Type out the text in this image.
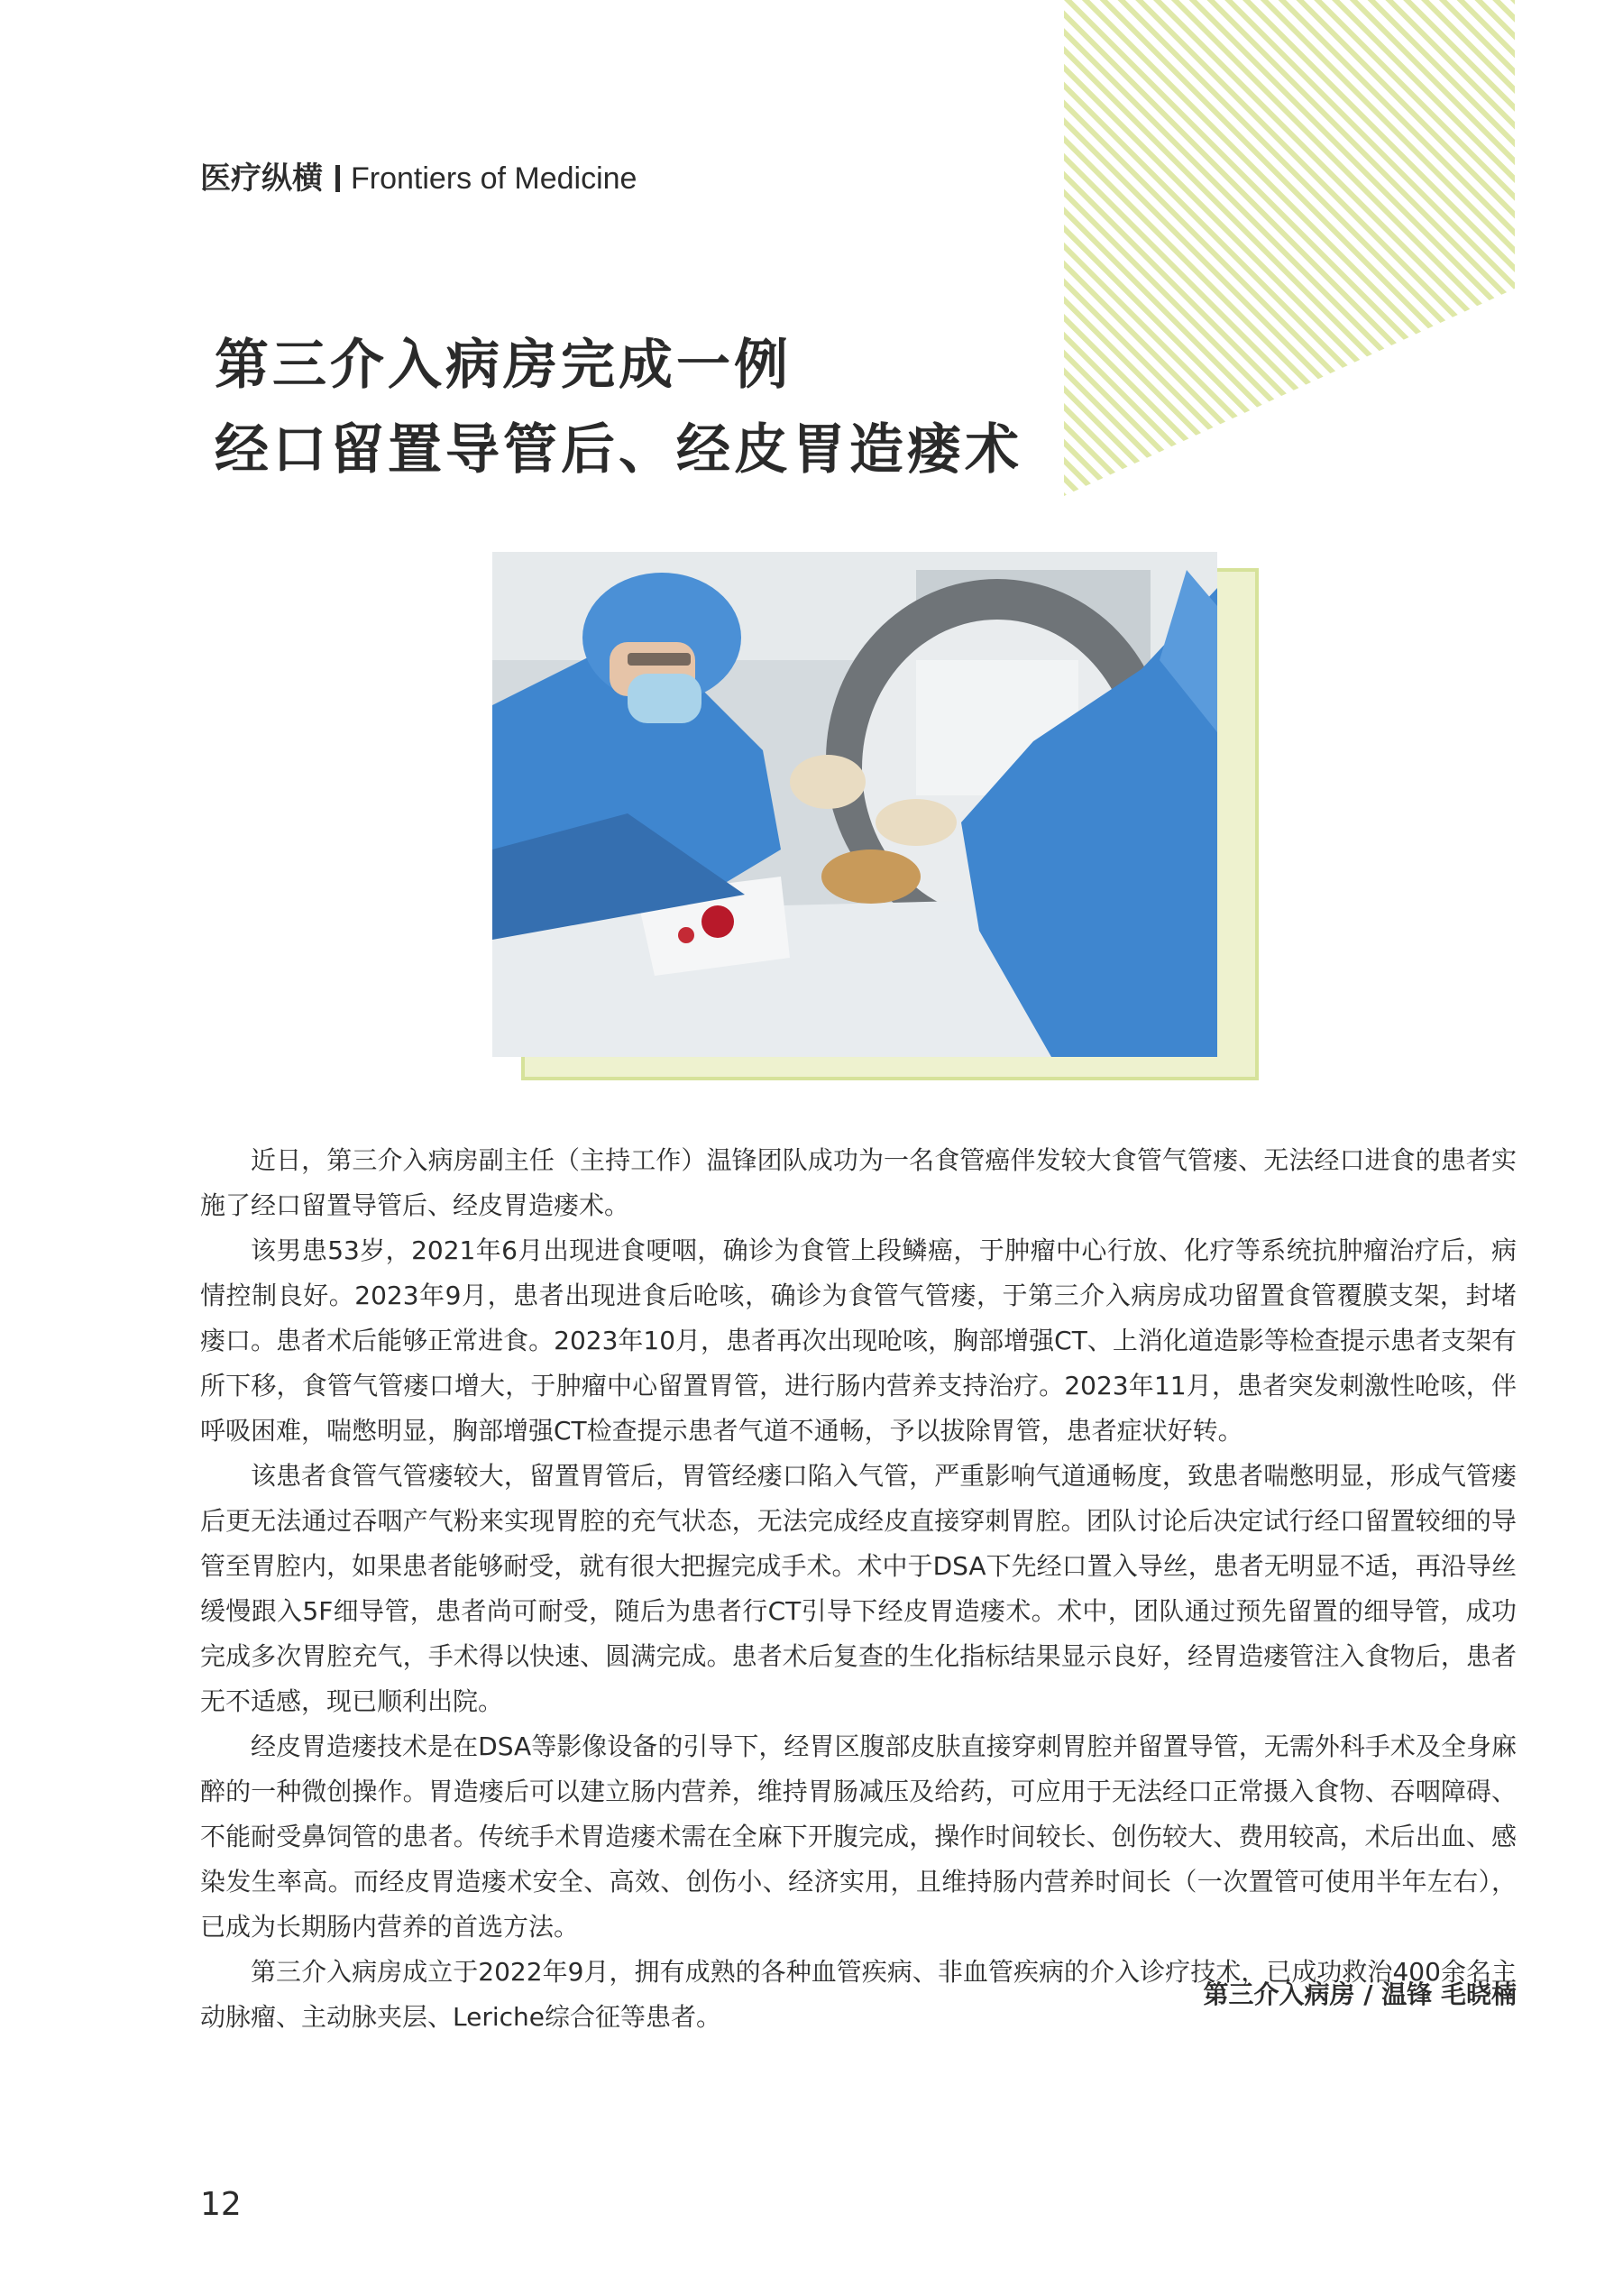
医疗纵横 Frontiers of Medicine
第三介入病房完成一例
经口留置导管后、经皮胃造瘘术

近日，第三介入病房副主任（主持工作）温锋团队成功为一名食管癌伴发较大食管气管瘘、无法经口进食的患者实施了经口留置导管后、经皮胃造瘘术。

该男患53岁，2021年6月出现进食哽咽，确诊为食管上段鳞癌，于肿瘤中心行放、化疗等系统抗肿瘤治疗后，病情控制良好。2023年9月，患者出现进食后呛咳，确诊为食管气管瘘，于第三介入病房成功留置食管覆膜支架，封堵瘘口。患者术后能够正常进食。2023年10月，患者再次出现呛咳，胸部增强CT、上消化道造影等检查提示患者支架有所下移，食管气管瘘口增大，于肿瘤中心留置胃管，进行肠内营养支持治疗。2023年11月，患者突发刺激性呛咳，伴呼吸困难，喘憋明显，胸部增强CT检查提示患者气道不通畅，予以拔除胃管，患者症状好转。

该患者食管气管瘘较大，留置胃管后，胃管经瘘口陷入气管，严重影响气道通畅度，致患者喘憋明显，形成气管瘘后更无法通过吞咽产气粉来实现胃腔的充气状态，无法完成经皮直接穿刺胃腔。团队讨论后决定试行经口留置较细的导管至胃腔内，如果患者能够耐受，就有很大把握完成手术。术中于DSA下先经口置入导丝，患者无明显不适，再沿导丝缓慢跟入5F细导管，患者尚可耐受，随后为患者行CT引导下经皮胃造瘘术。术中，团队通过预先留置的细导管，成功完成多次胃腔充气，手术得以快速、圆满完成。患者术后复查的生化指标结果显示良好，经胃造瘘管注入食物后，患者无不适感，现已顺利出院。

经皮胃造瘘技术是在DSA等影像设备的引导下，经胃区腹部皮肤直接穿刺胃腔并留置导管，无需外科手术及全身麻醉的一种微创操作。胃造瘘后可以建立肠内营养，维持胃肠减压及给药，可应用于无法经口正常摄入食物、吞咽障碍、不能耐受鼻饲管的患者。传统手术胃造瘘术需在全麻下开腹完成，操作时间较长、创伤较大、费用较高，术后出血、感染发生率高。而经皮胃造瘘术安全、高效、创伤小、经济实用，且维持肠内营养时间长（一次置管可使用半年左右），已成为长期肠内营养的首选方法。

第三介入病房成立于2022年9月，拥有成熟的各种血管疾病、非血管疾病的介入诊疗技术，已成功救治400余名主动脉瘤、主动脉夹层、Leriche综合征等患者。

第三介入病房 / 温锋 毛晓楠
12
